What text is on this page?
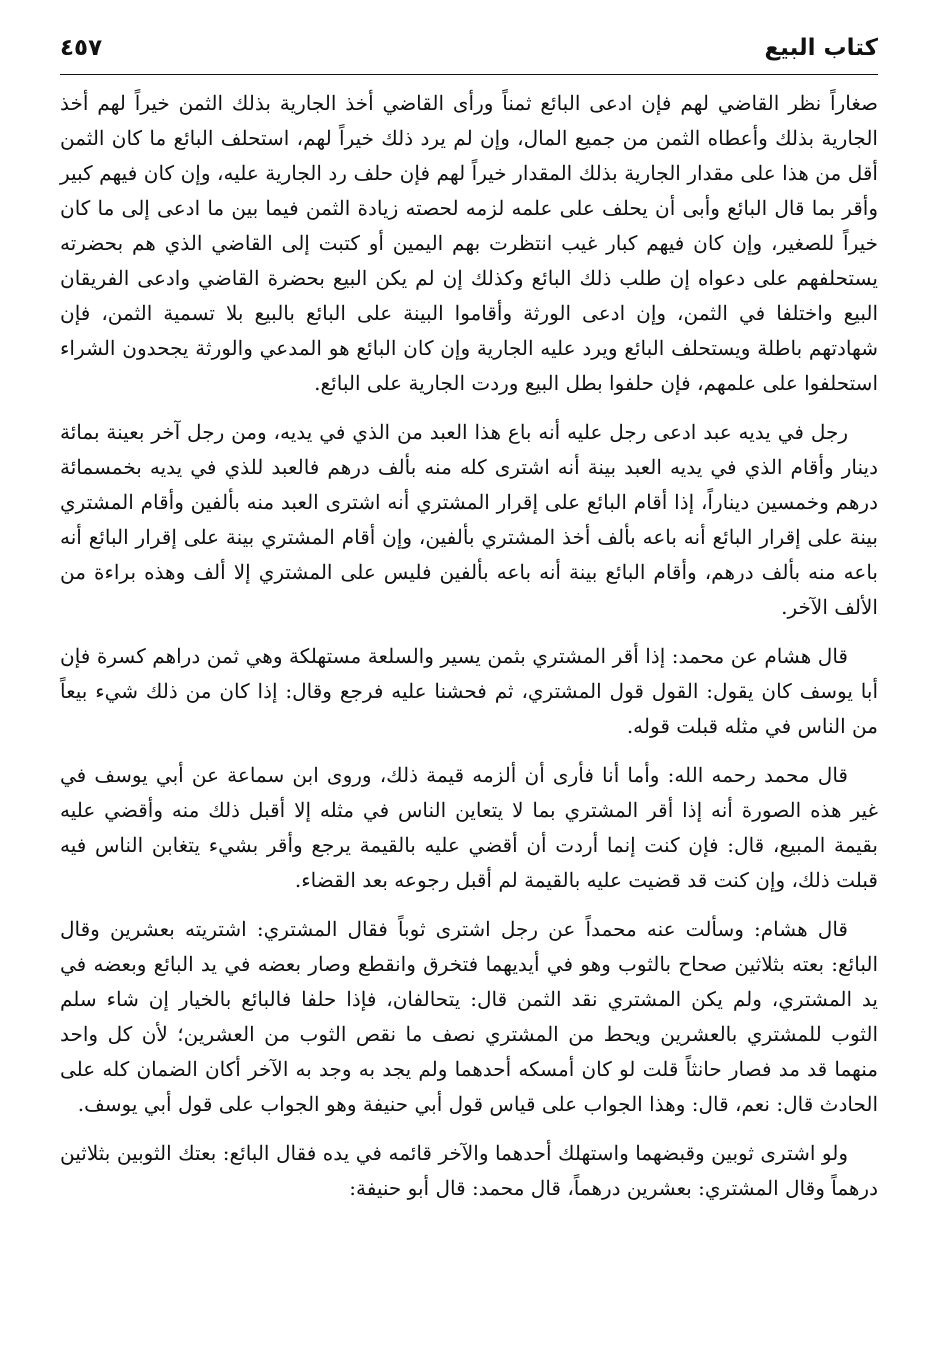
كتاب البيع
٤٥٧

صغاراً نظر القاضي لهم فإن ادعى البائع ثمناً ورأى القاضي أخذ الجارية بذلك الثمن خيراً لهم أخذ الجارية بذلك وأعطاه الثمن من جميع المال، وإن لم يرد ذلك خيراً لهم، استحلف البائع ما كان الثمن أقل من هذا على مقدار الجارية بذلك المقدار خيراً لهم فإن حلف رد الجارية عليه، وإن كان فيهم كبير وأقر بما قال البائع وأبى أن يحلف على علمه لزمه لحصته زيادة الثمن فيما بين ما ادعى إلى ما كان خيراً للصغير، وإن كان فيهم كبار غيب انتظرت بهم اليمين أو كتبت إلى القاضي الذي هم بحضرته يستحلفهم على دعواه إن طلب ذلك البائع وكذلك إن لم يكن البيع بحضرة القاضي وادعى الفريقان البيع واختلفا في الثمن، وإن ادعى الورثة وأقاموا البينة على البائع بالبيع بلا تسمية الثمن، فإن شهادتهم باطلة ويستحلف البائع ويرد عليه الجارية وإن كان البائع هو المدعي والورثة يجحدون الشراء استحلفوا على علمهم، فإن حلفوا بطل البيع وردت الجارية على البائع.

رجل في يديه عبد ادعى رجل عليه أنه باع هذا العبد من الذي في يديه، ومن رجل آخر بعينة بمائة دينار وأقام الذي في يديه العبد بينة أنه اشترى كله منه بألف درهم فالعبد للذي في يديه بخمسمائة درهم وخمسين ديناراً، إذا أقام البائع على إقرار المشتري أنه اشترى العبد منه بألفين وأقام المشتري بينة على إقرار البائع أنه باعه بألف أخذ المشتري بألفين، وإن أقام المشتري بينة على إقرار البائع أنه باعه منه بألف درهم، وأقام البائع بينة أنه باعه بألفين فليس على المشتري إلا ألف وهذه براءة من الألف الآخر.

قال هشام عن محمد: إذا أقر المشتري بثمن يسير والسلعة مستهلكة وهي ثمن دراهم كسرة فإن أبا يوسف كان يقول: القول قول المشتري، ثم فحشنا عليه فرجع وقال: إذا كان من ذلك شيء بيعاً من الناس في مثله قبلت قوله.

قال محمد رحمه الله: وأما أنا فأرى أن ألزمه قيمة ذلك، وروى ابن سماعة عن أبي يوسف في غير هذه الصورة أنه إذا أقر المشتري بما لا يتعاين الناس في مثله إلا أقبل ذلك منه وأقضي عليه بقيمة المبيع، قال: فإن كنت إنما أردت أن أقضي عليه بالقيمة يرجع وأقر بشيء يتغابن الناس فيه قبلت ذلك، وإن كنت قد قضيت عليه بالقيمة لم أقبل رجوعه بعد القضاء.

قال هشام: وسألت عنه محمداً عن رجل اشترى ثوباً فقال المشتري: اشتريته بعشرين وقال البائع: بعته بثلاثين صحاح بالثوب وهو في أيديهما فتخرق وانقطع وصار بعضه في يد البائع وبعضه في يد المشتري، ولم يكن المشتري نقد الثمن قال: يتحالفان، فإذا حلفا فالبائع بالخيار إن شاء سلم الثوب للمشتري بالعشرين ويحط من المشتري نصف ما نقص الثوب من العشرين؛ لأن كل واحد منهما قد مد فصار حانثاً قلت لو كان أمسكه أحدهما ولم يجد به وجد به الآخر أكان الضمان كله على الحادث قال: نعم، قال: وهذا الجواب على قياس قول أبي حنيفة وهو الجواب على قول أبي يوسف.

ولو اشترى ثوبين وقبضهما واستهلك أحدهما والآخر قائمه في يده فقال البائع: بعتك الثوبين بثلاثين درهماً وقال المشتري: بعشرين درهماً، قال محمد: قال أبو حنيفة:
